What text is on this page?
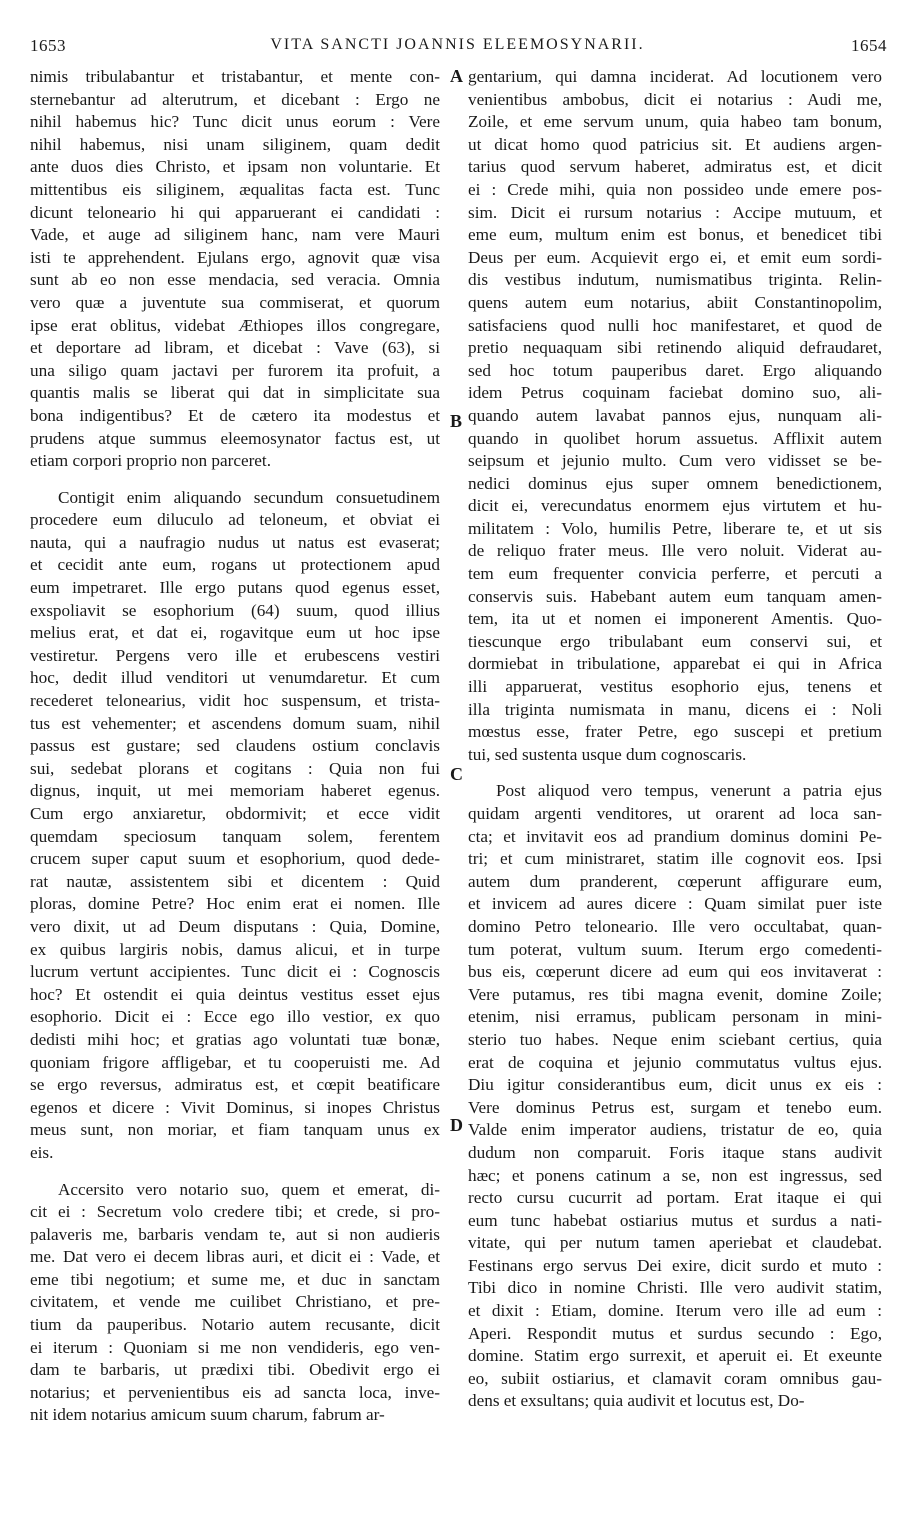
1653	VITA SANCTI JOANNIS ELEEMOSYNARII.	1654
nimis tribulabantur et tristabantur, et mente con-
sternebantur ad alterutrum, et dicebant : Ergo ne
nihil habemus hic? Tunc dicit unus eorum : Vere
nihil habemus, nisi unam siliginem, quam dedit
ante duos dies Christo, et ipsam non voluntarie. Et
mittentibus eis siliginem, æqualitas facta est. Tunc
dicunt teloneario hi qui apparuerant ei candidati :
Vade, et auge ad siliginem hanc, nam vere Mauri
isti te apprehendent. Ejulans ergo, agnovit quæ visa
sunt ab eo non esse mendacia, sed veracia. Omnia
vero quæ a juventute sua commiserat, et quorum
ipse erat oblitus, videbat Æthiopes illos congregare,
et deportare ad libram, et dicebat : Vave (63), si
una siligo quam jactavi per furorem ita profuit, a
quantis malis se liberat qui dat in simplicitate sua
bona indigentibus? Et de cætero ita modestus et
prudens atque summus eleemosynator factus est, ut
etiam corpori proprio non parceret.
Contigit enim aliquando secundum consuetudinem
procedere eum diluculo ad teloneum, et obviat ei
nauta, qui a naufragio nudus ut natus est evaserat;
et cecidit ante eum, rogans ut protectionem apud
eum impetraret. Ille ergo putans quod egenus esset,
exspoliavit se esophorium (64) suum, quod illius
melius erat, et dat ei, rogavitque eum ut hoc ipse
vestiretur. Pergens vero ille et erubescens vestiri
hoc, dedit illud venditori ut venumdaretur. Et cum
recederet telonearius, vidit hoc suspensum, et trista-
tus est vehementer; et ascendens domum suam, nihil
passus est gustare; sed claudens ostium conclavis
sui, sedebat plorans et cogitans : Quia non fui
dignus, inquit, ut mei memoriam haberet egenus.
Cum ergo anxiaretur, obdormivit; et ecce vidit
quemdam speciosum tanquam solem, ferentem
crucem super caput suum et esophorium, quod dede-
rat nautæ, assistentem sibi et dicentem : Quid
ploras, domine Petre? Hoc enim erat ei nomen. Ille
vero dixit, ut ad Deum disputans : Quia, Domine,
ex quibus largiris nobis, damus alicui, et in turpe
lucrum vertunt accipientes. Tunc dicit ei : Cognoscis
hoc? Et ostendit ei quia deintus vestitus esset ejus
esophorio. Dicit ei : Ecce ego illo vestior, ex quo
dedisti mihi hoc; et gratias ago voluntati tuæ bonæ,
quoniam frigore affligebar, et tu cooperuisti me. Ad
se ergo reversus, admiratus est, et cœpit beatificare
egenos et dicere : Vivit Dominus, si inopes Christus
meus sunt, non moriar, et fiam tanquam unus ex
eis.
Accersito vero notario suo, quem et emerat, di-
cit ei : Secretum volo credere tibi; et crede, si pro-
palaveris me, barbaris vendam te, aut si non audieris
me. Dat vero ei decem libras auri, et dicit ei : Vade, et
eme tibi negotium; et sume me, et duc in sanctam
civitatem, et vende me cuilibet Christiano, et pre-
tium da pauperibus. Notario autem recusante, dicit
ei iterum : Quoniam si me non vendideris, ego ven-
dam te barbaris, ut prædixi tibi. Obedivit ergo ei
notarius; et pervenientibus eis ad sancta loca, inve-
nit idem notarius amicum suum charum, fabrum ar-
gentarium, qui damna inciderat. Ad locutionem vero
venientibus ambobus, dicit ei notarius : Audi me,
Zoile, et eme servum unum, quia habeo tam bonum,
ut dicat homo quod patricius sit. Et audiens argen-
tarius quod servum haberet, admiratus est, et dicit
ei : Crede mihi, quia non possideo unde emere pos-
sim. Dicit ei rursum notarius : Accipe mutuum, et
eme eum, multum enim est bonus, et benedicet tibi
Deus per eum. Acquievit ergo ei, et emit eum sordi-
dis vestibus indutum, numismatibus triginta. Relin-
quens autem eum notarius, abiit Constantinopolim,
satisfaciens quod nulli hoc manifestaret, et quod de
pretio nequaquam sibi retinendo aliquid defraudaret,
sed hoc totum pauperibus daret. Ergo aliquando
idem Petrus coquinam faciebat domino suo, ali-
quando autem lavabat pannos ejus, nunquam ali-
quando in quolibet horum assuetus. Afflixit autem
seipsum et jejunio multo. Cum vero vidisset se be-
nedici dominus ejus super omnem benedictionem,
dicit ei, verecundatus enormem ejus virtutem et hu-
militatem : Volo, humilis Petre, liberare te, et ut sis
de reliquo frater meus. Ille vero noluit. Viderat au-
tem eum frequenter convicia perferre, et percuti a
conservis suis. Habebant autem eum tanquam amen-
tem, ita ut et nomen ei imponerent Amentis. Quo-
tiescunque ergo tribulabant eum conservi sui, et
dormiebat in tribulatione, apparebat ei qui in Africa
illi apparuerat, vestitus esophorio ejus, tenens et
illa triginta numismata in manu, dicens ei : Noli
mœstus esse, frater Petre, ego suscepi et pretium
tui, sed sustenta usque dum cognoscaris.
Post aliquod vero tempus, venerunt a patria ejus
quidam argenti venditores, ut orarent ad loca san-
cta; et invitavit eos ad prandium dominus domini Pe-
tri; et cum ministraret, statim ille cognovit eos. Ipsi
autem dum pranderent, cœperunt affigurare eum,
et invicem ad aures dicere : Quam similat puer iste
domino Petro teloneario. Ille vero occultabat, quan-
tum poterat, vultum suum. Iterum ergo comedenti-
bus eis, cœperunt dicere ad eum qui eos invitaverat :
Vere putamus, res tibi magna evenit, domine Zoile;
etenim, nisi erramus, publicam personam in mini-
sterio tuo habes. Neque enim sciebant certius, quia
erat de coquina et jejunio commutatus vultus ejus.
Diu igitur considerantibus eum, dicit unus ex eis :
Vere dominus Petrus est, surgam et tenebo eum.
Valde enim imperator audiens, tristatur de eo, quia
dudum non comparuit. Foris itaque stans audivit
hæc; et ponens catinum a se, non est ingressus, sed
recto cursu cucurrit ad portam. Erat itaque ei qui
eum tunc habebat ostiarius mutus et surdus a nati-
vitate, qui per nutum tamen aperiebat et claudebat.
Festinans ergo servus Dei exire, dicit surdo et muto :
Tibi dico in nomine Christi. Ille vero audivit statim,
et dixit : Etiam, domine. Iterum vero ille ad eum :
Aperi. Respondit mutus et surdus secundo : Ego,
domine. Statim ergo surrexit, et aperuit ei. Et exeunte
eo, subiit ostiarius, et clamavit coram omnibus gau-
dens et exsultans; quia audivit et locutus est, Do-
A
B
C
D
